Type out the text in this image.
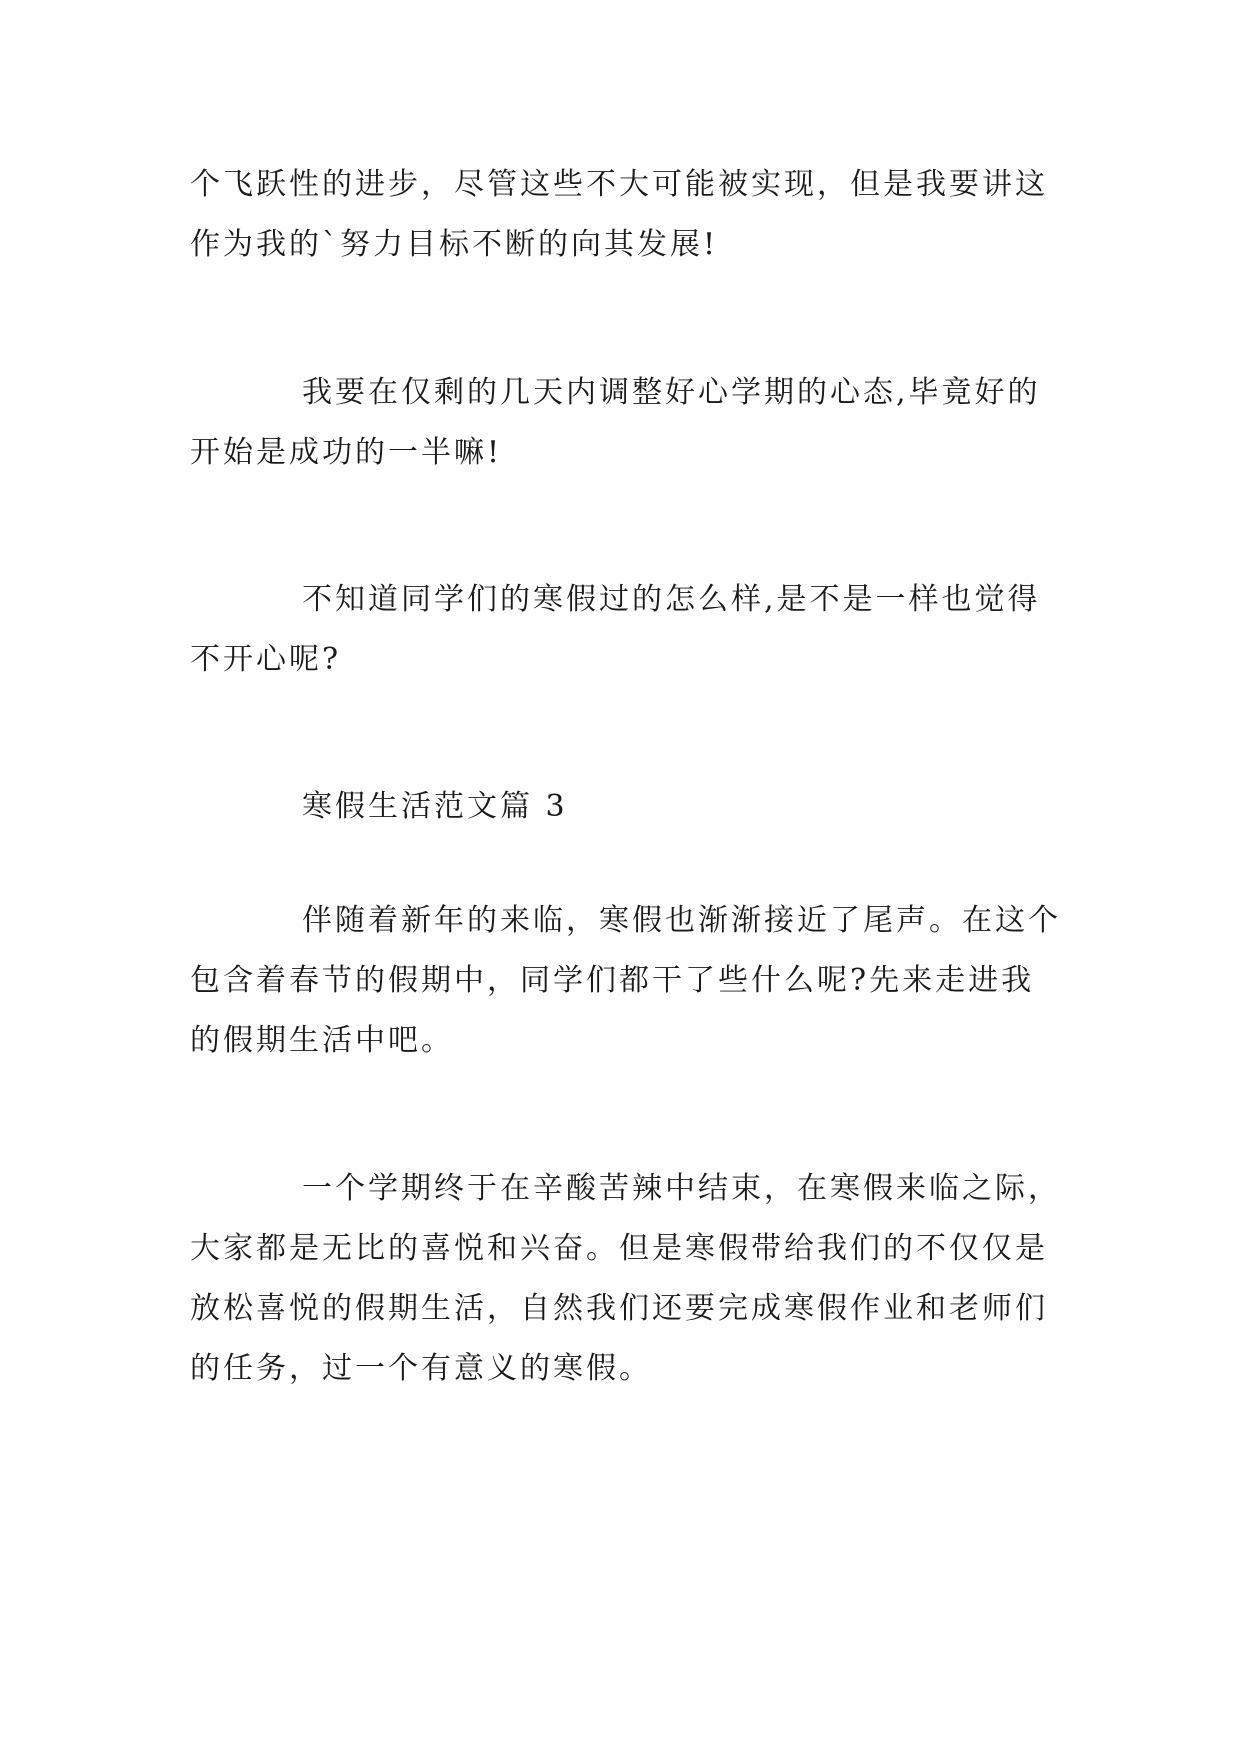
个飞跃性的进步，尽管这些不大可能被实现，但是我要讲这
作为我的`努力目标不断的向其发展!
我要在仅剩的几天内调整好心学期的心态,毕竟好的
开始是成功的一半嘛!
不知道同学们的寒假过的怎么样,是不是一样也觉得
不开心呢?
寒假生活范文篇 3
伴随着新年的来临，寒假也渐渐接近了尾声。在这个
包含着春节的假期中，同学们都干了些什么呢?先来走进我
的假期生活中吧。
一个学期终于在辛酸苦辣中结束，在寒假来临之际，
大家都是无比的喜悦和兴奋。但是寒假带给我们的不仅仅是
放松喜悦的假期生活，自然我们还要完成寒假作业和老师们
的任务，过一个有意义的寒假。
